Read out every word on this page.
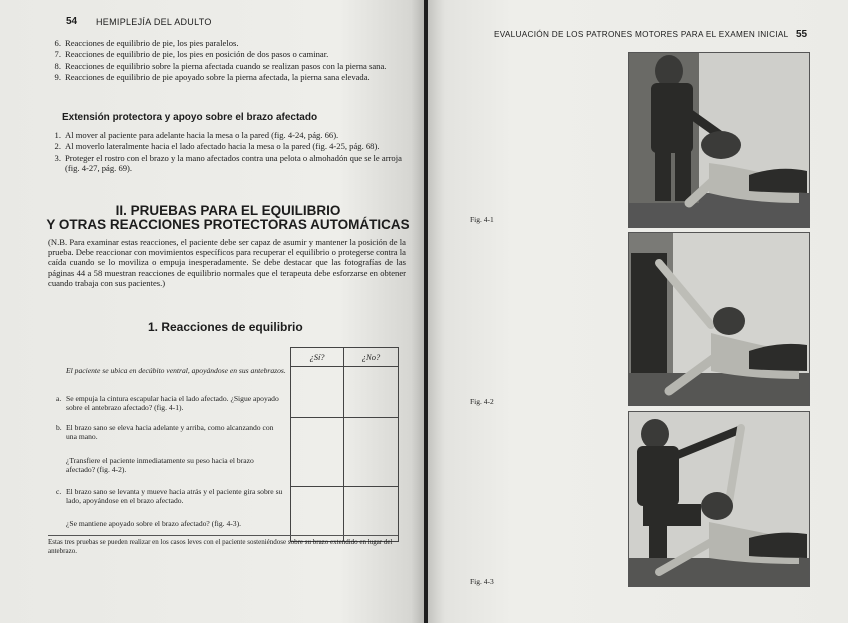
54 HEMIPLEJÍA DEL ADULTO
6. Reacciones de equilibrio de pie, los pies paralelos.
7. Reacciones de equilibrio de pie, los pies en posición de dos pasos o caminar.
8. Reacciones de equilibrio sobre la pierna afectada cuando se realizan pasos con la pierna sana.
9. Reacciones de equilibrio de pie apoyado sobre la pierna afectada, la pierna sana elevada.
Extensión protectora y apoyo sobre el brazo afectado
1. Al mover al paciente para adelante hacia la mesa o la pared (fig. 4-24, pág. 66).
2. Al moverlo lateralmente hacia el lado afectado hacia la mesa o la pared (fig. 4-25, pág. 68).
3. Proteger el rostro con el brazo y la mano afectados contra una pelota o almohadón que se le arroja (fig. 4-27, pág. 69).
II. PRUEBAS PARA EL EQUILIBRIO
Y OTRAS REACCIONES PROTECTORAS AUTOMÁTICAS
(N.B. Para examinar estas reacciones, el paciente debe ser capaz de asumir y mantener la posición de la prueba. Debe reaccionar con movimientos específicos para recuperar el equilibrio o protegerse contra la caída cuando se lo moviliza o empuja inesperadamente. Se debe destacar que las fotografías de las páginas 44 a 58 muestran reacciones de equilibrio normales que el terapeuta debe esforzarse en obtener cuando trabaja con sus pacientes.)
1. Reacciones de equilibrio
¿Sí?	¿No?

El paciente se ubica en decúbito ventral, apoyándose en sus antebrazos.
a. Se empuja la cintura escapular hacia el lado afectado. ¿Sigue apoyado sobre el antebrazo afectado? (fig. 4-1).
b. El brazo sano se eleva hacia adelante y arriba, como alcanzando con una mano.
¿Transfiere el paciente inmediatamente su peso hacia el brazo afectado? (fig. 4-2).
c. El brazo sano se levanta y mueve hacia atrás y el paciente gira sobre su lado, apoyándose en el brazo afectado.
¿Se mantiene apoyado sobre el brazo afectado? (fig. 4-3).
Estas tres pruebas se pueden realizar en los casos leves con el paciente sosteniéndose sobre su brazo extendido en lugar del antebrazo.
EVALUACIÓN DE LOS PATRONES MOTORES PARA EL EXAMEN INICIAL 55
Fig. 4-1
Fig. 4-2
Fig. 4-3
